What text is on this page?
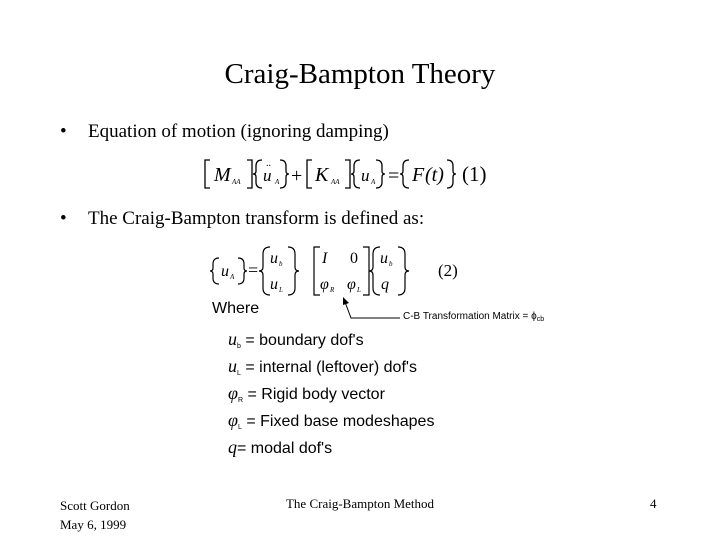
Craig-Bampton Theory
• Equation of motion (ignoring damping)
M AA u
..
A + K AA u A = F (t) (1)
• The Craig-Bampton transform is defined as:
u A =
u b
u L
I 0
φ R φ L
u b
q
(2)
C-B Transformation Matrix = $\phi_{cb}$
Where
$u_b$ = boundary dof's
$u_L$ = internal (leftover) dof's
$\varphi_R$ = Rigid body vector
$\varphi_L$ = Fixed base modeshapes
q= modal dof's
Scott Gordon
May 6, 1999
The Craig-Bampton Method	4
